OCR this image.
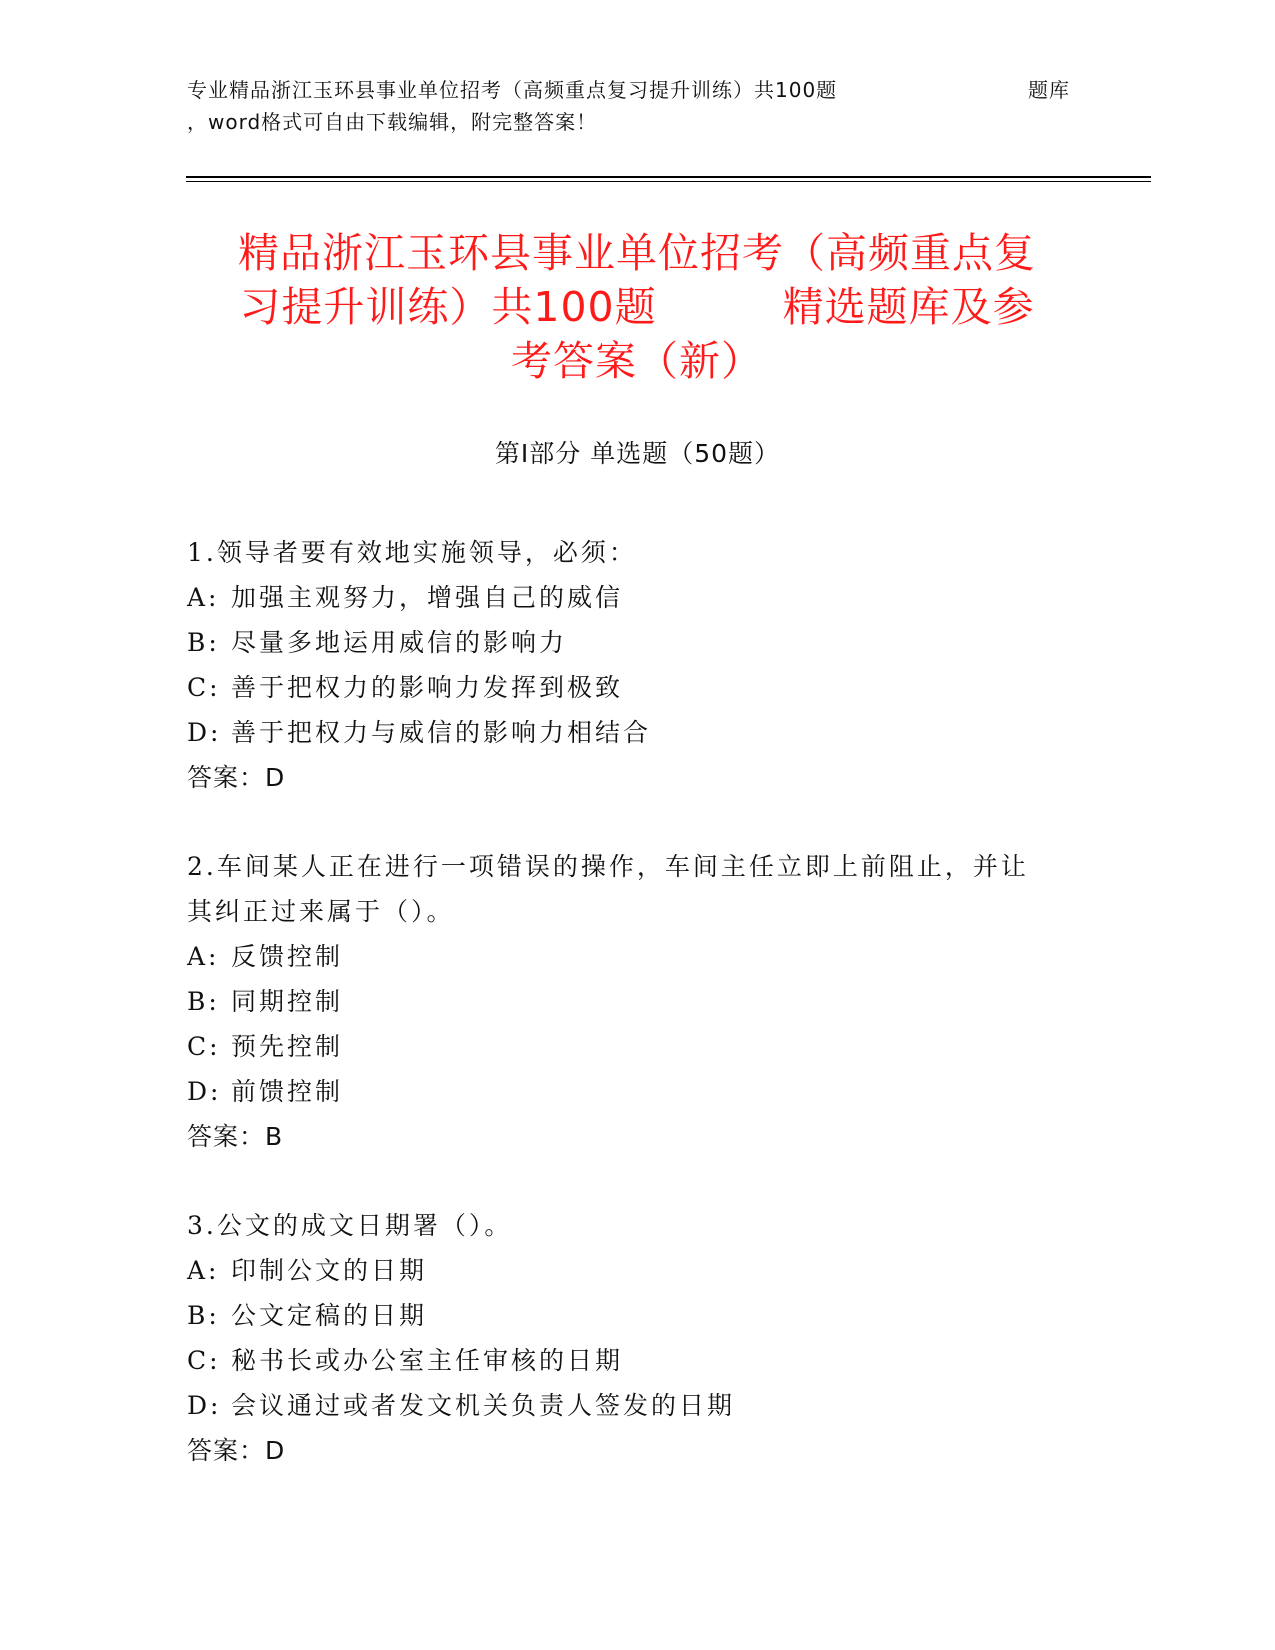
专业精品浙江玉环县事业单位招考（高频重点复习提升训练）共100题	题库
，word格式可自由下载编辑，附完整答案！
精品浙江玉环县事业单位招考（高频重点复
习提升训练）共100题　　　精选题库及参
考答案（新）
第Ⅰ部分 单选题（50题）

1.领导者要有效地实施领导，必须：

A: 加强主观努力，增强自己的威信

B: 尽量多地运用威信的影响力

C: 善于把权力的影响力发挥到极致

D: 善于把权力与威信的影响力相结合

答案：D

2.车间某人正在进行一项错误的操作，车间主任立即上前阻止，并让其纠正过来属于（）。

A: 反馈控制

B: 同期控制

C: 预先控制

D: 前馈控制

答案：B

3.公文的成文日期署（）。

A: 印制公文的日期

B: 公文定稿的日期

C: 秘书长或办公室主任审核的日期

D: 会议通过或者发文机关负责人签发的日期

答案：D
